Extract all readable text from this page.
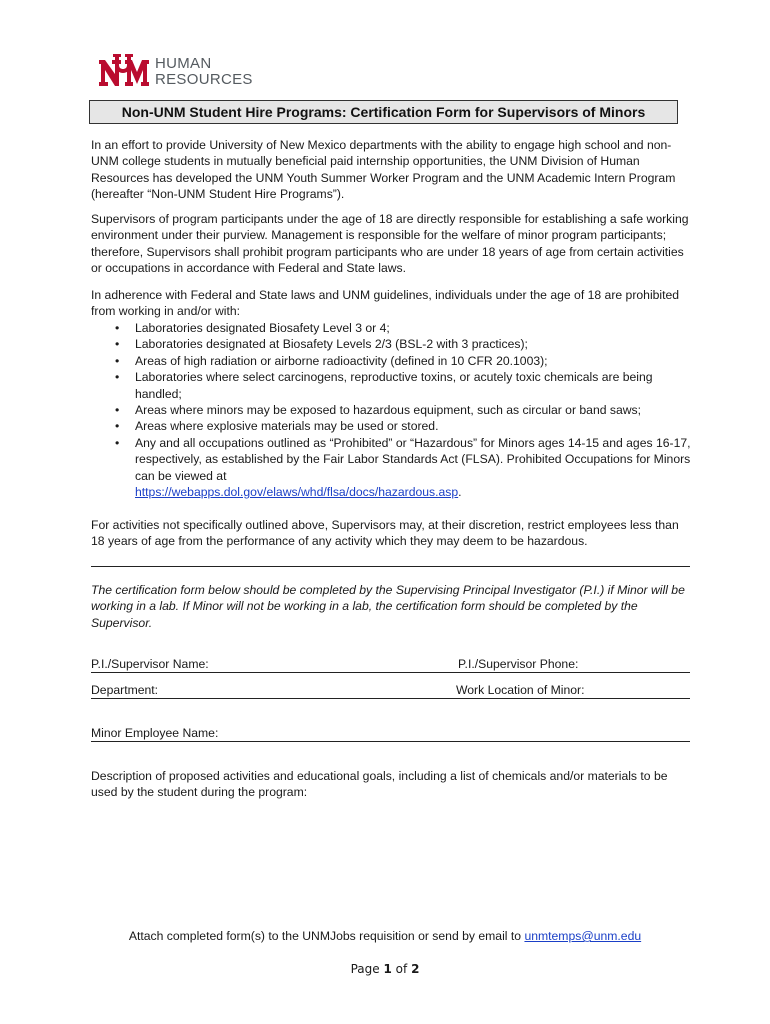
HUMAN
RESOURCES
Non-UNM Student Hire Programs: Certification Form for Supervisors of Minors

In an effort to provide University of New Mexico departments with the ability to engage high school and non-UNM college students in mutually beneficial paid internship opportunities, the UNM Division of Human Resources has developed the UNM Youth Summer Worker Program and the UNM Academic Intern Program (hereafter “Non-UNM Student Hire Programs”).

Supervisors of program participants under the age of 18 are directly responsible for establishing a safe working environment under their purview. Management is responsible for the welfare of minor program participants; therefore, Supervisors shall prohibit program participants who are under 18 years of age from certain activities or occupations in accordance with Federal and State laws.

In adherence with Federal and State laws and UNM guidelines, individuals under the age of 18 are prohibited from working in and/or with:

• Laboratories designated Biosafety Level 3 or 4;
• Laboratories designated at Biosafety Levels 2/3 (BSL-2 with 3 practices);
• Areas of high radiation or airborne radioactivity (defined in 10 CFR 20.1003);
• Laboratories where select carcinogens, reproductive toxins, or acutely toxic chemicals are being handled;
• Areas where minors may be exposed to hazardous equipment, such as circular or band saws;
• Areas where explosive materials may be used or stored.
• Any and all occupations outlined as “Prohibited” or “Hazardous” for Minors ages 14-15 and ages 16-17, respectively, as established by the Fair Labor Standards Act (FLSA). Prohibited Occupations for Minors can be viewed at
https://webapps.dol.gov/elaws/whd/flsa/docs/hazardous.asp.

For activities not specifically outlined above, Supervisors may, at their discretion, restrict employees less than 18 years of age from the performance of any activity which they may deem to be hazardous.

The certification form below should be completed by the Supervising Principal Investigator (P.I.) if Minor will be working in a lab. If Minor will not be working in a lab, the certification form should be completed by the Supervisor.

P.I./Supervisor Name:	P.I./Supervisor Phone:
Department:	Work Location of Minor:
Minor Employee Name:

Description of proposed activities and educational goals, including a list of chemicals and/or materials to be used by the student during the program:

Attach completed form(s) to the UNMJobs requisition or send by email to unmtemps@unm.edu
Page 1 of 2
